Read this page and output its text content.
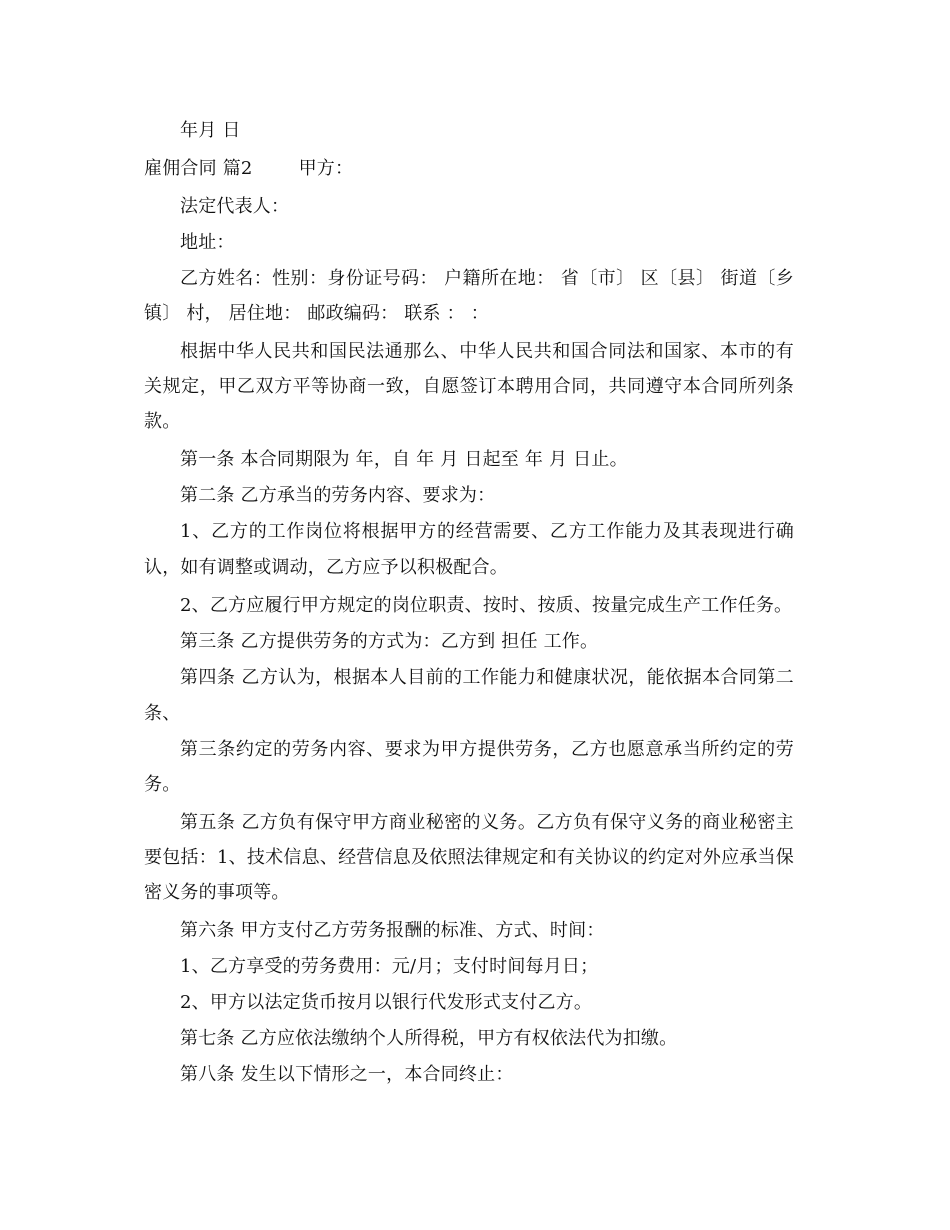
年月 日
雇佣合同 篇2	甲方：
法定代表人：
地址：
乙方姓名：性别：身份证号码： 户籍所在地： 省〔市〕 区〔县〕 街道〔乡
镇〕 村， 居住地： 邮政编码： 联系 ： ：
根据中华人民共和国民法通那么、中华人民共和国合同法和国家、本市的有
关规定，甲乙双方平等协商一致，自愿签订本聘用合同，共同遵守本合同所列条
款。
第一条 本合同期限为 年，自 年 月 日起至 年 月 日止。
第二条 乙方承当的劳务内容、要求为：
1、乙方的工作岗位将根据甲方的经营需要、乙方工作能力及其表现进行确
认，如有调整或调动，乙方应予以积极配合。
2、乙方应履行甲方规定的岗位职责、按时、按质、按量完成生产工作任务。
第三条 乙方提供劳务的方式为：乙方到 担任 工作。
第四条 乙方认为，根据本人目前的工作能力和健康状况，能依据本合同第二
条、
第三条约定的劳务内容、要求为甲方提供劳务，乙方也愿意承当所约定的劳
务。
第五条 乙方负有保守甲方商业秘密的义务。乙方负有保守义务的商业秘密主
要包括：1、技术信息、经营信息及依照法律规定和有关协议的约定对外应承当保
密义务的事项等。
第六条 甲方支付乙方劳务报酬的标准、方式、时间：
1、乙方享受的劳务费用：元/月；支付时间每月日；
2、甲方以法定货币按月以银行代发形式支付乙方。
第七条 乙方应依法缴纳个人所得税，甲方有权依法代为扣缴。
第八条 发生以下情形之一，本合同终止：
